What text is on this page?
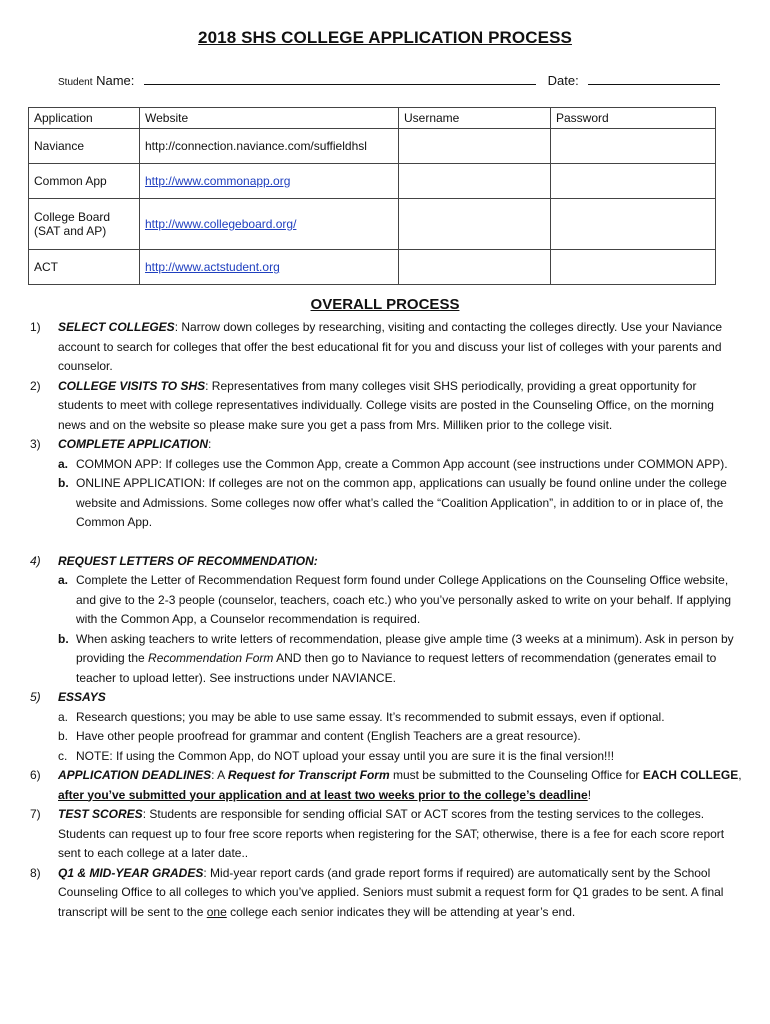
2018 SHS COLLEGE APPLICATION PROCESS
Student Name:	Date:
Application	Website	Username	Password
Naviance	http://connection.naviance.com/suffieldhsl		
Common App	http://www.commonapp.org		
College Board
(SAT and AP)	http://www.collegeboard.org/		
ACT	http://www.actstudent.org		
OVERALL PROCESS
1) SELECT COLLEGES: Narrow down colleges by researching, visiting and contacting the colleges directly. Use your Naviance account to search for colleges that offer the best educational fit for you and discuss your list of colleges with your parents and counselor.
2) COLLEGE VISITS TO SHS: Representatives from many colleges visit SHS periodically, providing a great opportunity for students to meet with college representatives individually. College visits are posted in the Counseling Office, on the morning news and on the website so please make sure you get a pass from Mrs. Milliken prior to the college visit.
3) COMPLETE APPLICATION:
a. COMMON APP: If colleges use the Common App, create a Common App account (see instructions under COMMON APP).
b. ONLINE APPLICATION: If colleges are not on the common app, applications can usually be found online under the college website and Admissions. Some colleges now offer what’s called the “Coalition Application”, in addition to or in place of, the Common App.
4) REQUEST LETTERS OF RECOMMENDATION:
a. Complete the Letter of Recommendation Request form found under College Applications on the Counseling Office website, and give to the 2-3 people (counselor, teachers, coach etc.) who you’ve personally asked to write on your behalf. If applying with the Common App, a Counselor recommendation is required.
b. When asking teachers to write letters of recommendation, please give ample time (3 weeks at a minimum). Ask in person by providing the Recommendation Form AND then go to Naviance to request letters of recommendation (generates email to teacher to upload letter). See instructions under NAVIANCE.
5) ESSAYS
a. Research questions; you may be able to use same essay. It’s recommended to submit essays, even if optional.
b. Have other people proofread for grammar and content (English Teachers are a great resource).
c. NOTE: If using the Common App, do NOT upload your essay until you are sure it is the final version!!!
6) APPLICATION DEADLINES: A Request for Transcript Form must be submitted to the Counseling Office for EACH COLLEGE, after you’ve submitted your application and at least two weeks prior to the college’s deadline!
7) TEST SCORES: Students are responsible for sending official SAT or ACT scores from the testing services to the colleges. Students can request up to four free score reports when registering for the SAT; otherwise, there is a fee for each score report sent to each college at a later date..
8) Q1 & MID-YEAR GRADES: Mid-year report cards (and grade report forms if required) are automatically sent by the School Counseling Office to all colleges to which you’ve applied. Seniors must submit a request form for Q1 grades to be sent. A final transcript will be sent to the one college each senior indicates they will be attending at year’s end.
